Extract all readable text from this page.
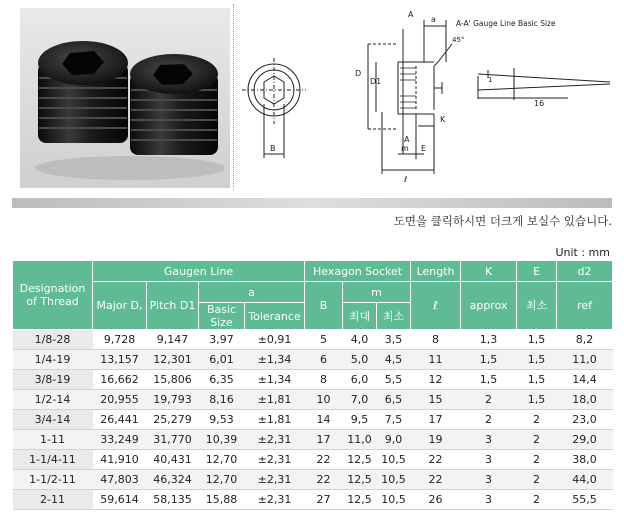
B
A
a
45°
D
D1	1
16
K
A
m E
ℓ
A-A' Gauge Line Basic Size
도면을 클릭하시면 더크게 보실수 있습니다.
Unit : mm
Designation of Thread	Gaugen Line				Hexagon Socket			Length	K	E	d2
	Major D,	Pitch D1	a		B	m		ℓ	approx	최소	ref
			Basic Size	Tolerance		최대	최소				
1/8-28	9,728	9,147	3,97	±0,91	5	4,0	3,5	8	1,3	1,5	8,2
1/4-19	13,157	12,301	6,01	±1,34	6	5,0	4,5	11	1,5	1,5	11,0
3/8-19	16,662	15,806	6,35	±1,34	8	6,0	5,5	12	1,5	1,5	14,4
1/2-14	20,955	19,793	8,16	±1,81	10	7,0	6,5	15	2	1,5	18,0
3/4-14	26,441	25,279	9,53	±1,81	14	9,5	7,5	17	2	2	23,0
1-11	33,249	31,770	10,39	±2,31	17	11,0	9,0	19	3	2	29,0
1-1/4-11	41,910	40,431	12,70	±2,31	22	12,5	10,5	22	3	2	38,0
1-1/2-11	47,803	46,324	12,70	±2,31	22	12,5	10,5	22	3	2	44,0
2-11	59,614	58,135	15,88	±2,31	27	12,5	10,5	26	3	2	55,5
